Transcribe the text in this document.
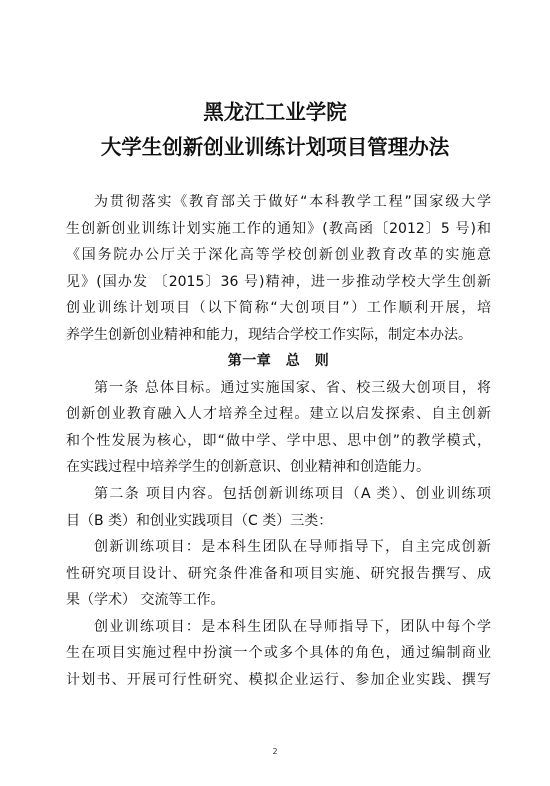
黑龙江工业学院
大学生创新创业训练计划项目管理办法
为贯彻落实《教育部关于做好“本科教学工程”国家级大学
生创新创业训练计划实施工作的通知》(教高函〔2012〕5 号)和
《国务院办公厅关于深化高等学校创新创业教育改革的实施意
见》(国办发 〔2015〕36 号)精神，进一步推动学校大学生创新
创业训练计划项目（以下简称“大创项目”）工作顺利开展，培
养学生创新创业精神和能力，现结合学校工作实际，制定本办法。
第一章　总　则
第一条 总体目标。通过实施国家、省、校三级大创项目，将
创新创业教育融入人才培养全过程。建立以启发探索、自主创新
和个性发展为核心，即“做中学、学中思、思中创”的教学模式，
在实践过程中培养学生的创新意识、创业精神和创造能力。
第二条 项目内容。包括创新训练项目（A 类）、创业训练项
目（B 类）和创业实践项目（C 类）三类：
创新训练项目：是本科生团队在导师指导下，自主完成创新
性研究项目设计、研究条件准备和项目实施、研究报告撰写、成
果（学术） 交流等工作。
创业训练项目：是本科生团队在导师指导下，团队中每个学
生在项目实施过程中扮演一个或多个具体的角色，通过编制商业
计划书、开展可行性研究、模拟企业运行、参加企业实践、撰写
2
